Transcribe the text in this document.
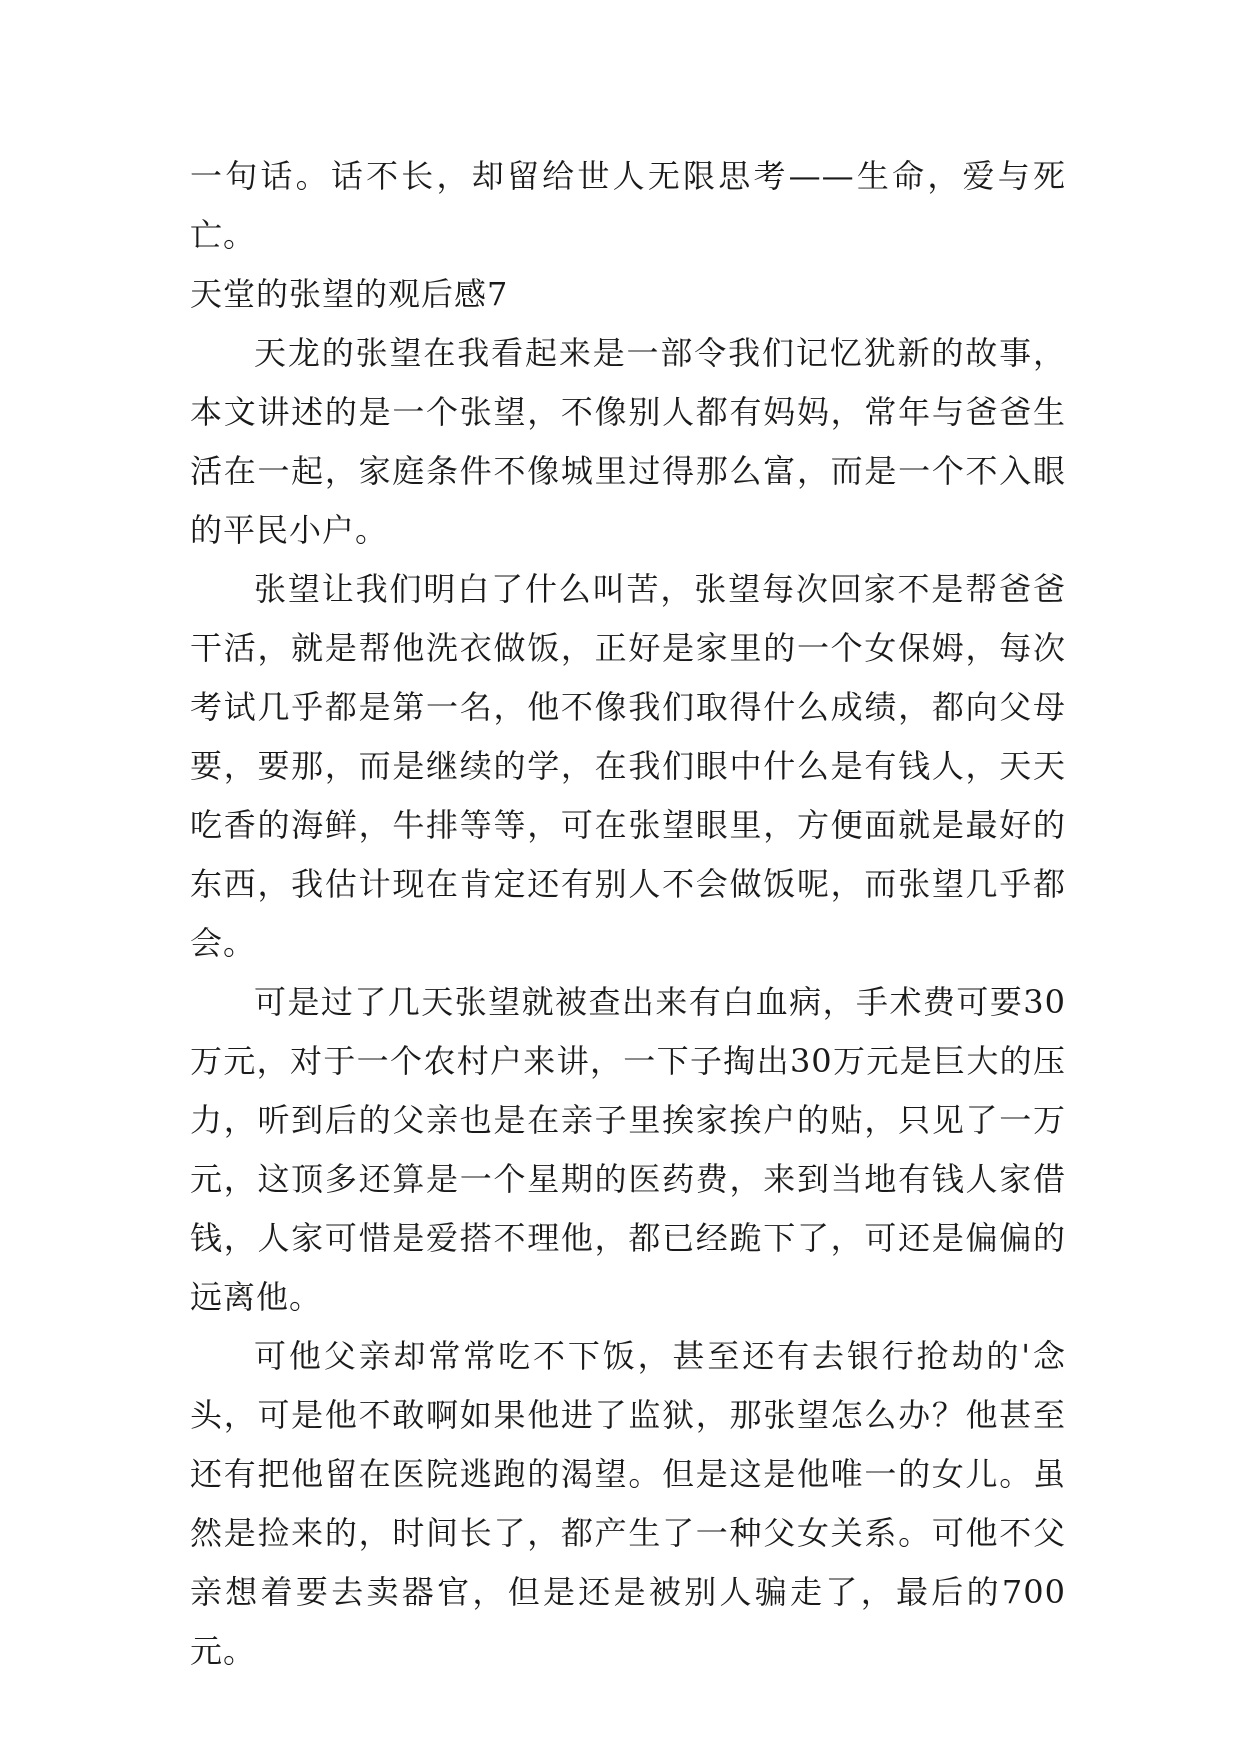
一句话。话不长，却留给世人无限思考——生命，爱与死亡。

天堂的张望的观后感7

天龙的张望在我看起来是一部令我们记忆犹新的故事，本文讲述的是一个张望，不像别人都有妈妈，常年与爸爸生活在一起，家庭条件不像城里过得那么富，而是一个不入眼的平民小户。

张望让我们明白了什么叫苦，张望每次回家不是帮爸爸干活，就是帮他洗衣做饭，正好是家里的一个女保姆，每次考试几乎都是第一名，他不像我们取得什么成绩，都向父母要，要那，而是继续的学，在我们眼中什么是有钱人，天天吃香的海鲜，牛排等等，可在张望眼里，方便面就是最好的东西，我估计现在肯定还有别人不会做饭呢，而张望几乎都会。

可是过了几天张望就被查出来有白血病，手术费可要30万元，对于一个农村户来讲，一下子掏出30万元是巨大的压力，听到后的父亲也是在亲子里挨家挨户的贴，只见了一万元，这顶多还算是一个星期的医药费，来到当地有钱人家借钱，人家可惜是爱搭不理他，都已经跪下了，可还是偏偏的远离他。

可他父亲却常常吃不下饭，甚至还有去银行抢劫的'念头，可是他不敢啊如果他进了监狱，那张望怎么办？他甚至还有把他留在医院逃跑的渴望。但是这是他唯一的女儿。虽然是捡来的，时间长了，都产生了一种父女关系。可他不父亲想着要去卖器官，但是还是被别人骗走了，最后的700元。
